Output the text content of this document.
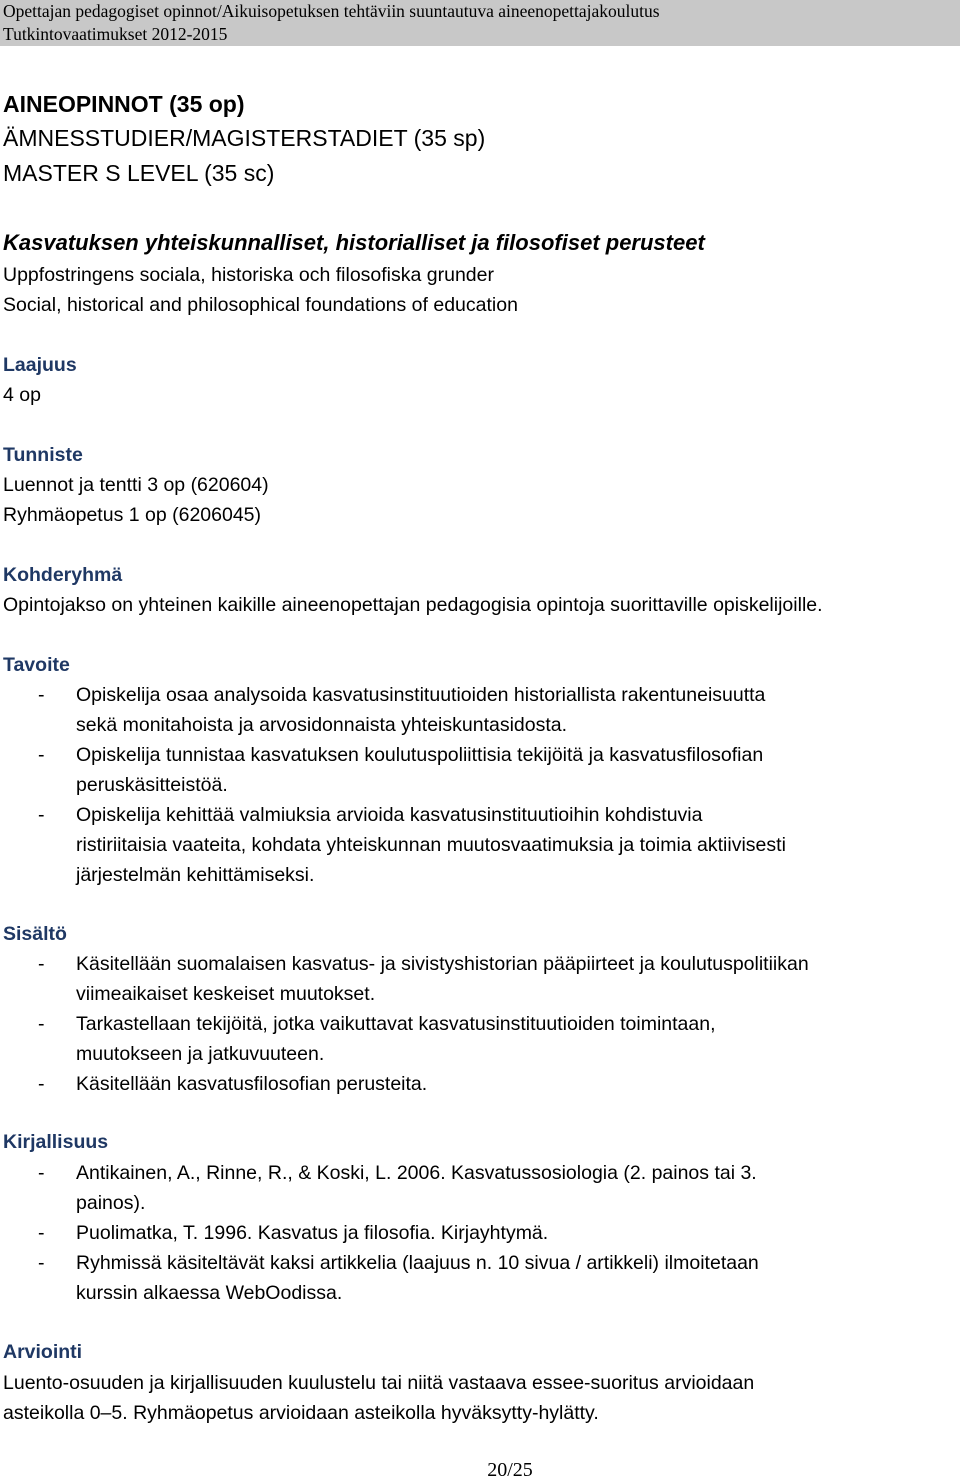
Opettajan pedagogiset opinnot/Aikuisopetuksen tehtäviin suuntautuva aineenopettajakoulutus
Tutkintovaatimukset 2012-2015
AINEOPINNOT (35 op)
ÄMNESSTUDIER/MAGISTERSTADIET (35 sp)
MASTER S LEVEL (35 sc)
Kasvatuksen yhteiskunnalliset, historialliset ja filosofiset perusteet
Uppfostringens sociala, historiska och filosofiska grunder
Social, historical and philosophical foundations of education
Laajuus
4 op
Tunniste
Luennot ja tentti 3 op (620604)
Ryhmäopetus 1 op (6206045)
Kohderyhmä
Opintojakso on yhteinen kaikille aineenopettajan pedagogisia opintoja suorittaville opiskelijoille.
Tavoite
- Opiskelija osaa analysoida kasvatusinstituutioiden historiallista rakentuneisuutta
sekä monitahoista ja arvosidonnaista yhteiskuntasidosta.
- Opiskelija tunnistaa kasvatuksen koulutuspoliittisia tekijöitä ja kasvatusfilosofian
peruskäsitteistöä.
- Opiskelija kehittää valmiuksia arvioida kasvatusinstituutioihin kohdistuvia
ristiriitaisia vaateita, kohdata yhteiskunnan muutosvaatimuksia ja toimia aktiivisesti
järjestelmän kehittämiseksi.
Sisältö
- Käsitellään suomalaisen kasvatus- ja sivistyshistorian pääpiirteet ja koulutuspolitiikan
viimeaikaiset keskeiset muutokset.
- Tarkastellaan tekijöitä, jotka vaikuttavat kasvatusinstituutioiden toimintaan,
muutokseen ja jatkuvuuteen.
- Käsitellään kasvatusfilosofian perusteita.
Kirjallisuus
- Antikainen, A., Rinne, R., & Koski, L. 2006. Kasvatussosiologia (2. painos tai 3.
painos).
- Puolimatka, T. 1996. Kasvatus ja filosofia. Kirjayhtymä.
- Ryhmissä käsiteltävät kaksi artikkelia (laajuus n. 10 sivua / artikkeli) ilmoitetaan
kurssin alkaessa WebOodissa.
Arviointi
Luento-osuuden ja kirjallisuuden kuulustelu tai niitä vastaava essee-suoritus arvioidaan
asteikolla 0–5. Ryhmäopetus arvioidaan asteikolla hyväksytty-hylätty.
20/25
